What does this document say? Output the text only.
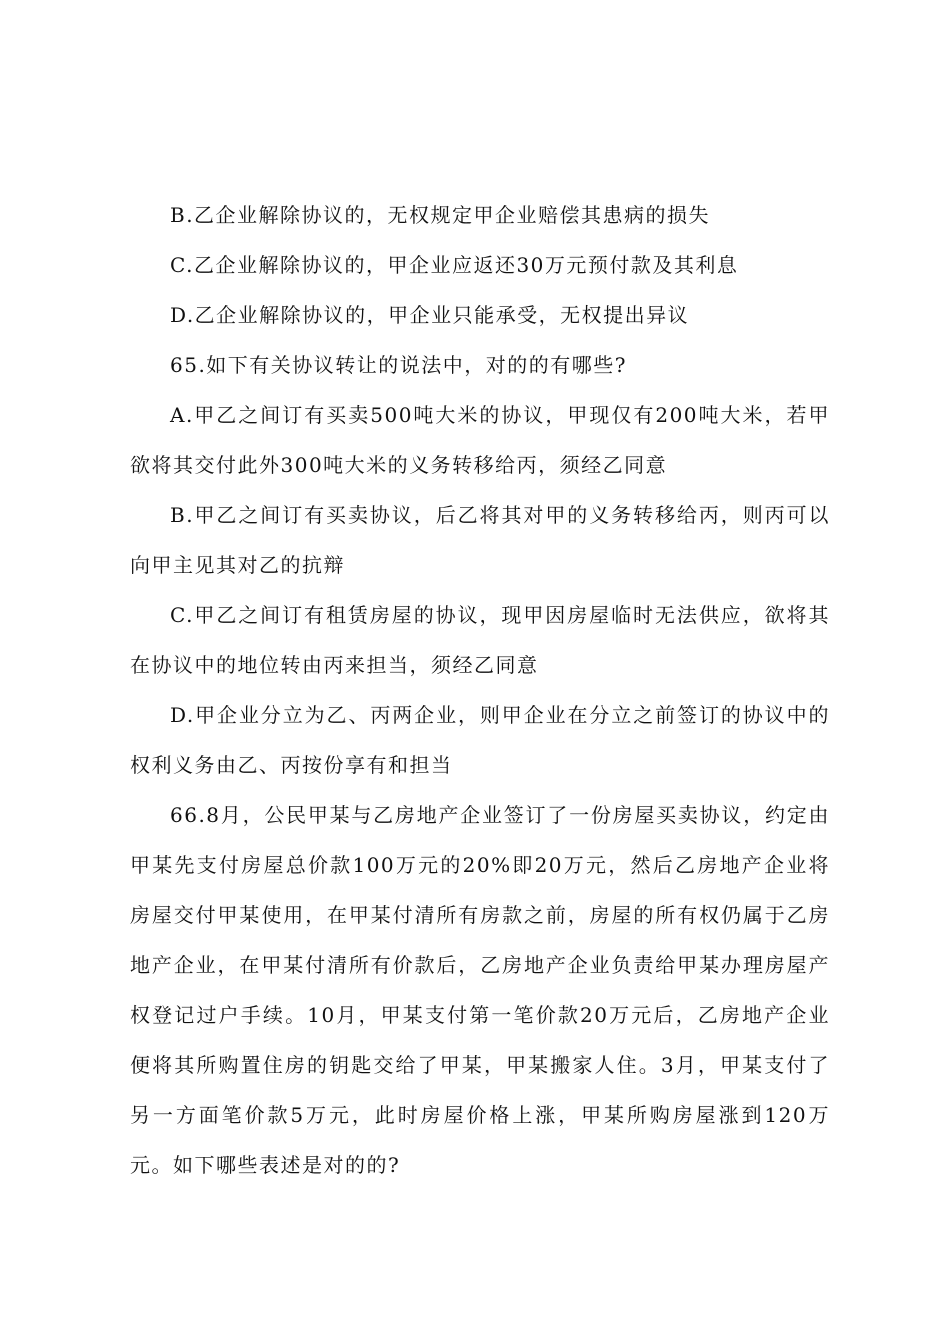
B.乙企业解除协议的，无权规定甲企业赔偿其患病的损失

C.乙企业解除协议的，甲企业应返还30万元预付款及其利息

D.乙企业解除协议的，甲企业只能承受，无权提出异议

65.如下有关协议转让的说法中，对的的有哪些?

A.甲乙之间订有买卖500吨大米的协议，甲现仅有200吨大米，若甲欲将其交付此外300吨大米的义务转移给丙，须经乙同意

B.甲乙之间订有买卖协议，后乙将其对甲的义务转移给丙，则丙可以向甲主见其对乙的抗辩

C.甲乙之间订有租赁房屋的协议，现甲因房屋临时无法供应，欲将其在协议中的地位转由丙来担当，须经乙同意

D.甲企业分立为乙、丙两企业，则甲企业在分立之前签订的协议中的权利义务由乙、丙按份享有和担当

66.8月，公民甲某与乙房地产企业签订了一份房屋买卖协议，约定由甲某先支付房屋总价款100万元的20%即20万元，然后乙房地产企业将房屋交付甲某使用，在甲某付清所有房款之前，房屋的所有权仍属于乙房地产企业，在甲某付清所有价款后，乙房地产企业负责给甲某办理房屋产权登记过户手续。10月，甲某支付第一笔价款20万元后，乙房地产企业便将其所购置住房的钥匙交给了甲某，甲某搬家人住。3月，甲某支付了另一方面笔价款5万元，此时房屋价格上涨，甲某所购房屋涨到120万元。如下哪些表述是对的的?
